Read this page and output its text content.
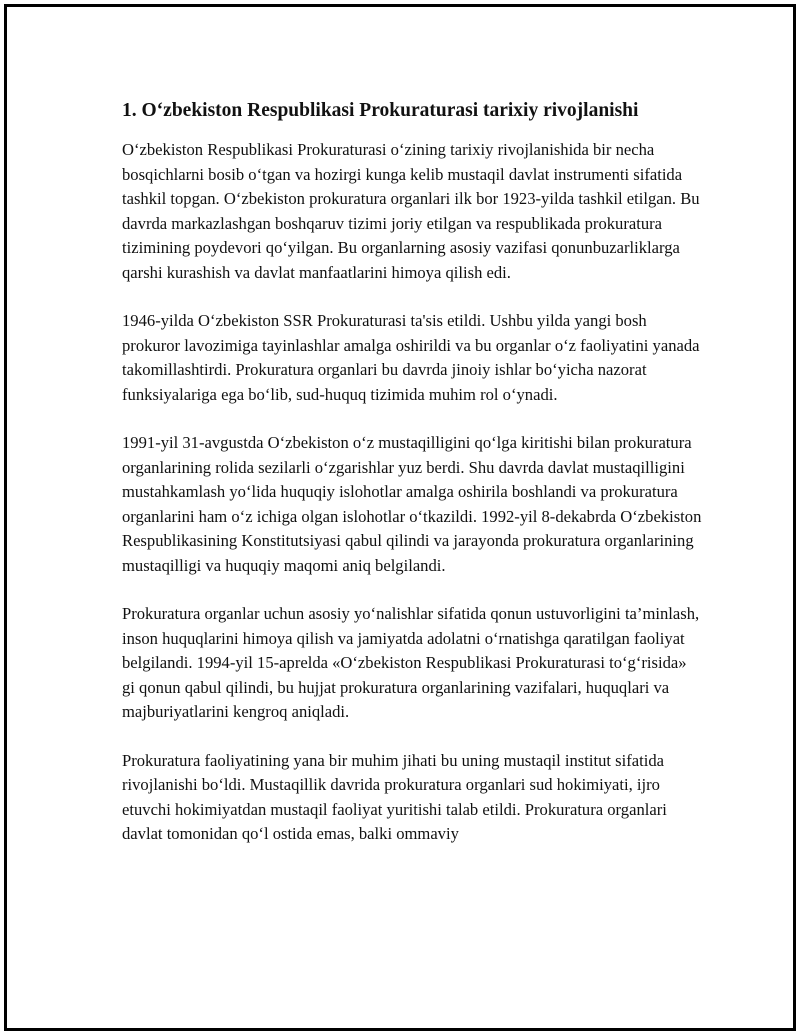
1. O‘zbekiston Respublikasi Prokuraturasi tarixiy rivojlanishi

O‘zbekiston Respublikasi Prokuraturasi o‘zining tarixiy rivojlanishida bir necha bosqichlarni bosib o‘tgan va hozirgi kunga kelib mustaqil davlat instrumenti sifatida tashkil topgan. O‘zbekiston prokuratura organlari ilk bor 1923-yilda tashkil etilgan. Bu davrda markazlashgan boshqaruv tizimi joriy etilgan va respublikada prokuratura tizimining poydevori qo‘yilgan. Bu organlarning asosiy vazifasi qonunbuzarliklarga qarshi kurashish va davlat manfaatlarini himoya qilish edi.

1946-yilda O‘zbekiston SSR Prokuraturasi ta'sis etildi. Ushbu yilda yangi bosh prokuror lavozimiga tayinlashlar amalga oshirildi va bu organlar o‘z faoliyatini yanada takomillashtirdi. Prokuratura organlari bu davrda jinoiy ishlar bo‘yicha nazorat funksiyalariga ega bo‘lib, sud-huquq tizimida muhim rol o‘ynadi.

1991-yil 31-avgustda O‘zbekiston o‘z mustaqilligini qo‘lga kiritishi bilan prokuratura organlarining rolida sezilarli o‘zgarishlar yuz berdi. Shu davrda davlat mustaqilligini mustahkamlash yo‘lida huquqiy islohotlar amalga oshirila boshlandi va prokuratura organlarini ham o‘z ichiga olgan islohotlar o‘tkazildi. 1992-yil 8-dekabrda O‘zbekiston Respublikasining Konstitutsiyasi qabul qilindi va jarayonda prokuratura organlarining mustaqilligi va huquqiy maqomi aniq belgilandi.

Prokuratura organlar uchun asosiy yo‘nalishlar sifatida qonun ustuvorligini ta’minlash, inson huquqlarini himoya qilish va jamiyatda adolatni o‘rnatishga qaratilgan faoliyat belgilandi. 1994-yil 15-aprelda «O‘zbekiston Respublikasi Prokuraturasi to‘g‘risida» gi qonun qabul qilindi, bu hujjat prokuratura organlarining vazifalari, huquqlari va majburiyatlarini kengroq aniqladi.

Prokuratura faoliyatining yana bir muhim jihati bu uning mustaqil institut sifatida rivojlanishi bo‘ldi. Mustaqillik davrida prokuratura organlari sud hokimiyati, ijro etuvchi hokimiyatdan mustaqil faoliyat yuritishi talab etildi. Prokuratura organlari davlat tomonidan qo‘l ostida emas, balki ommaviy
